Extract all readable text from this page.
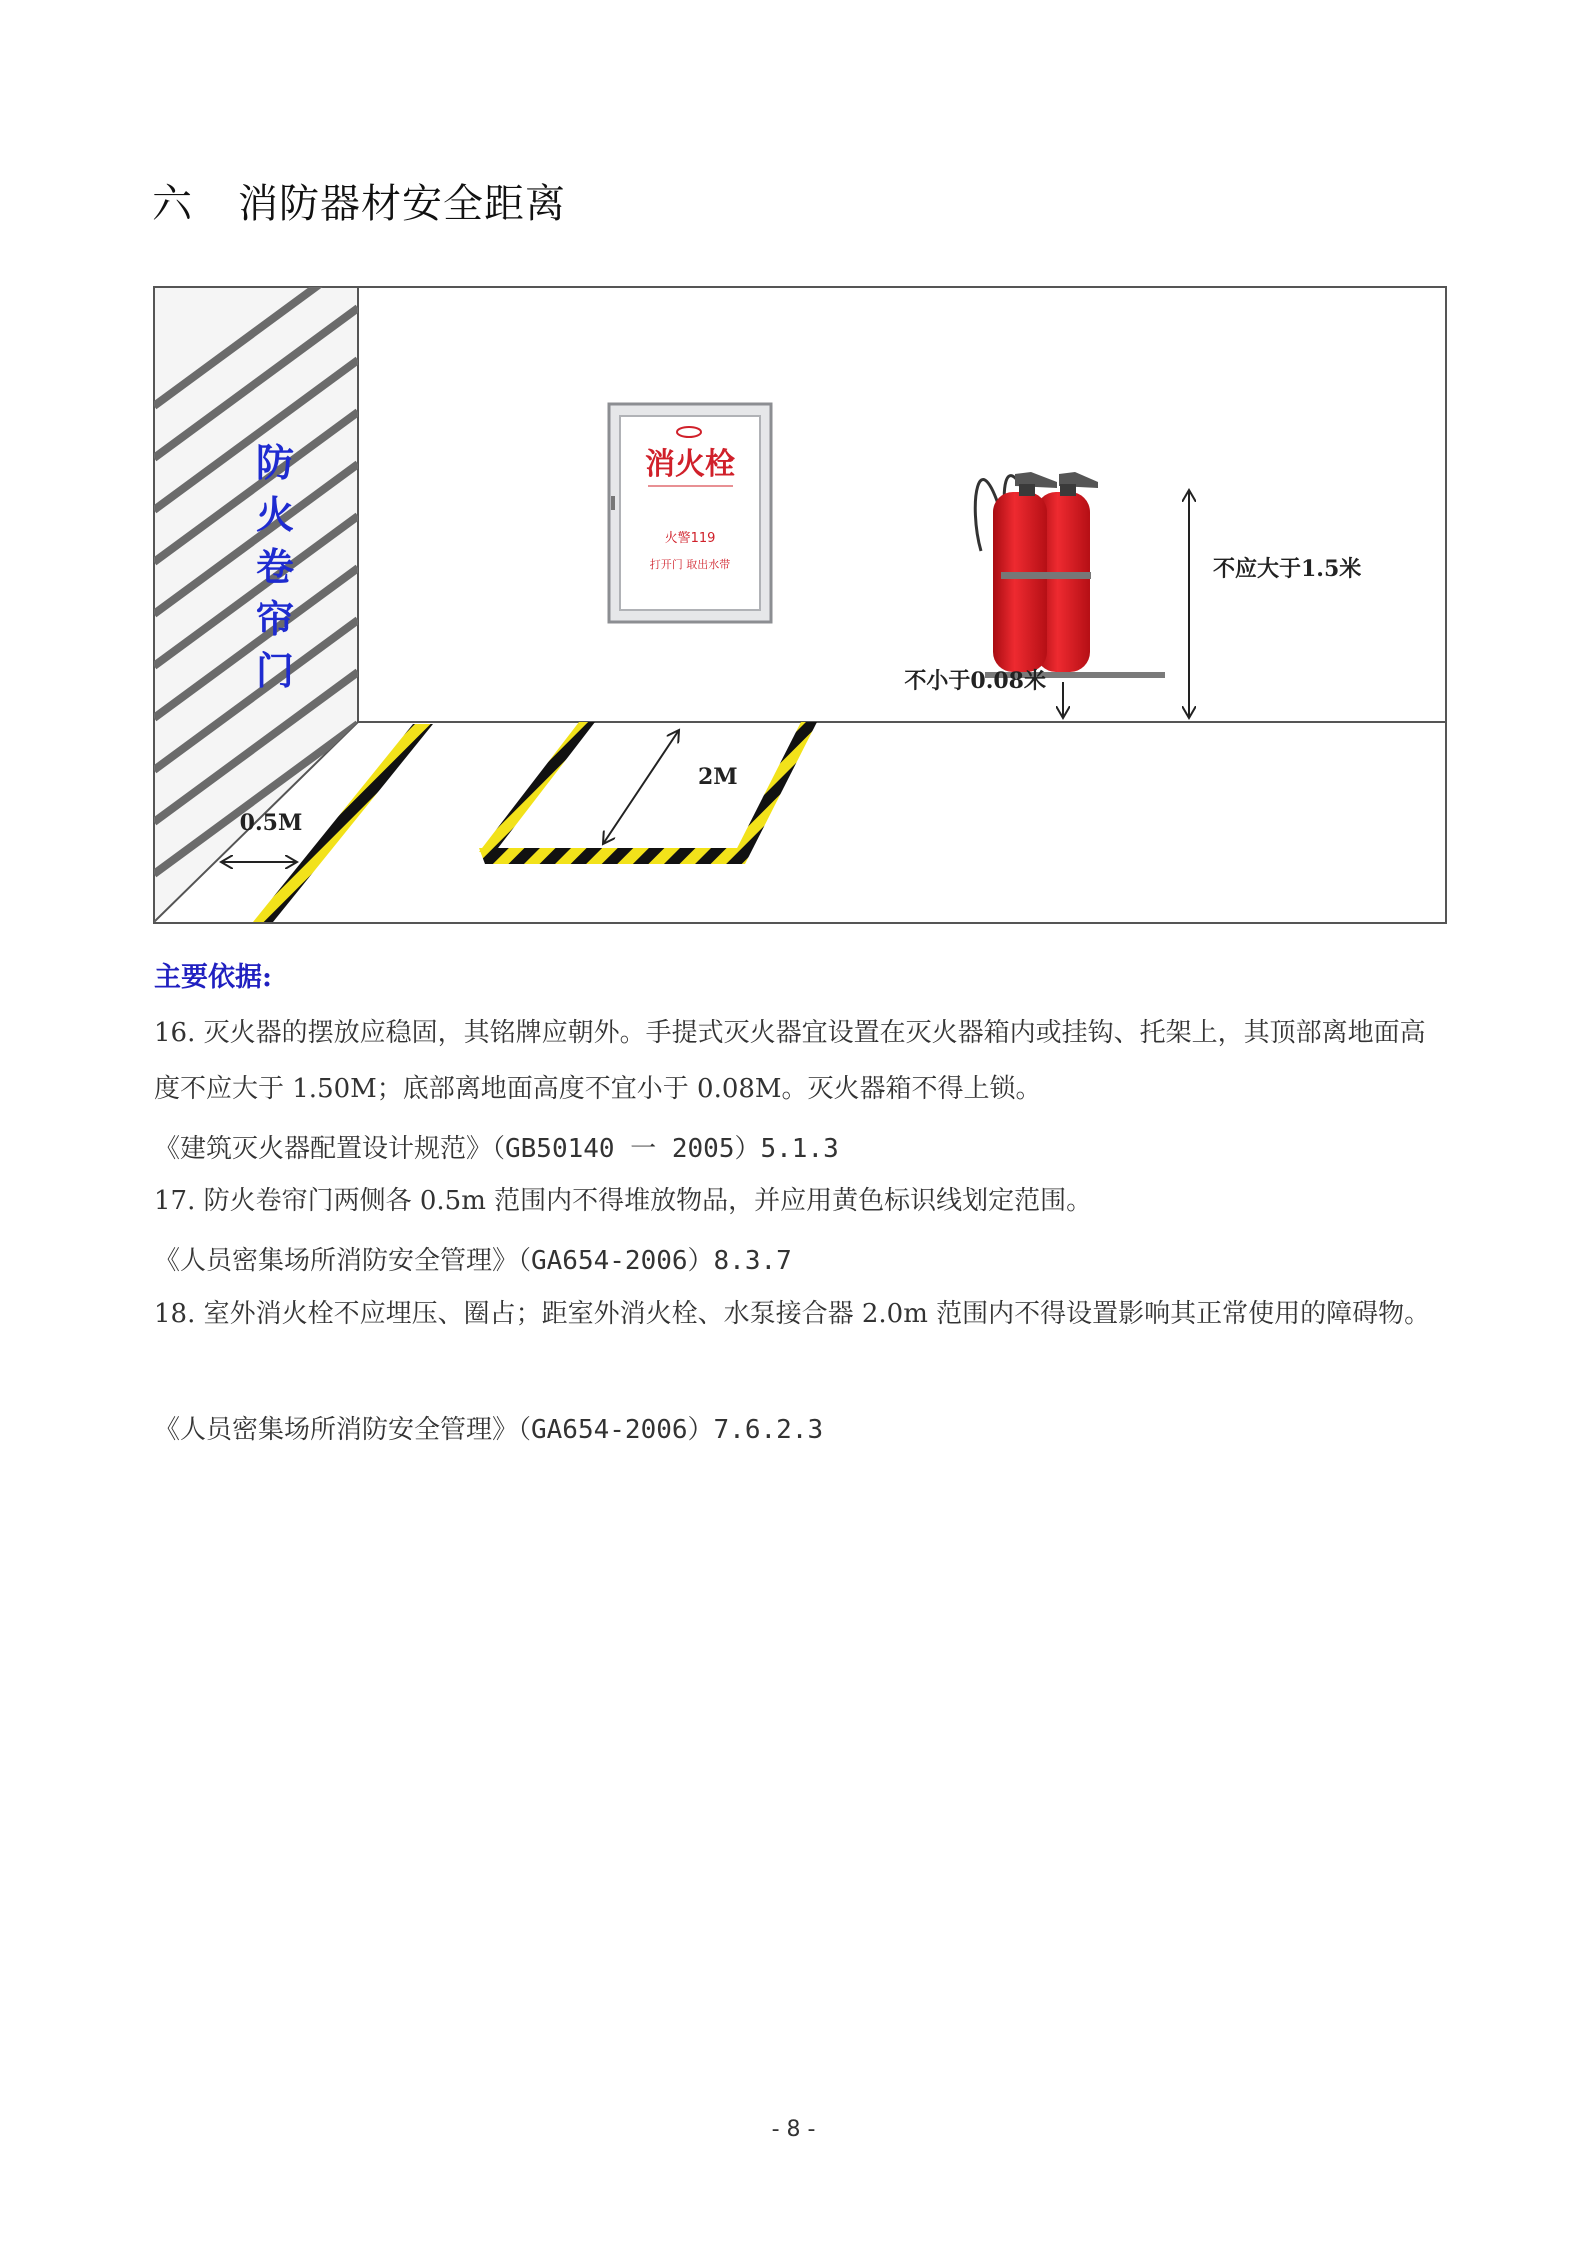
六 消防器材安全距离
防
火
卷
帘
门
0.5M
2M
消火栓
火警119
打开门 取出水带	不应大于1.5米
不小于0.08米
主要依据:
16. 灭火器的摆放应稳固，其铭牌应朝外。手提式灭火器宜设置在灭火器箱内或挂钩、托架上，其顶部离地面高度不应大于 1.50M；底部离地面高度不宜小于 0.08M。灭火器箱不得上锁。
《建筑灭火器配置设计规范》（GB50140 一 2005）5.1.3
17. 防火卷帘门两侧各 0.5m 范围内不得堆放物品，并应用黄色标识线划定范围。
《人员密集场所消防安全管理》（GA654-2006）8.3.7
18. 室外消火栓不应埋压、圈占；距室外消火栓、水泵接合器 2.0m 范围内不得设置影响其正常使用的障碍物。
《人员密集场所消防安全管理》（GA654-2006）7.6.2.3
- 8 -
